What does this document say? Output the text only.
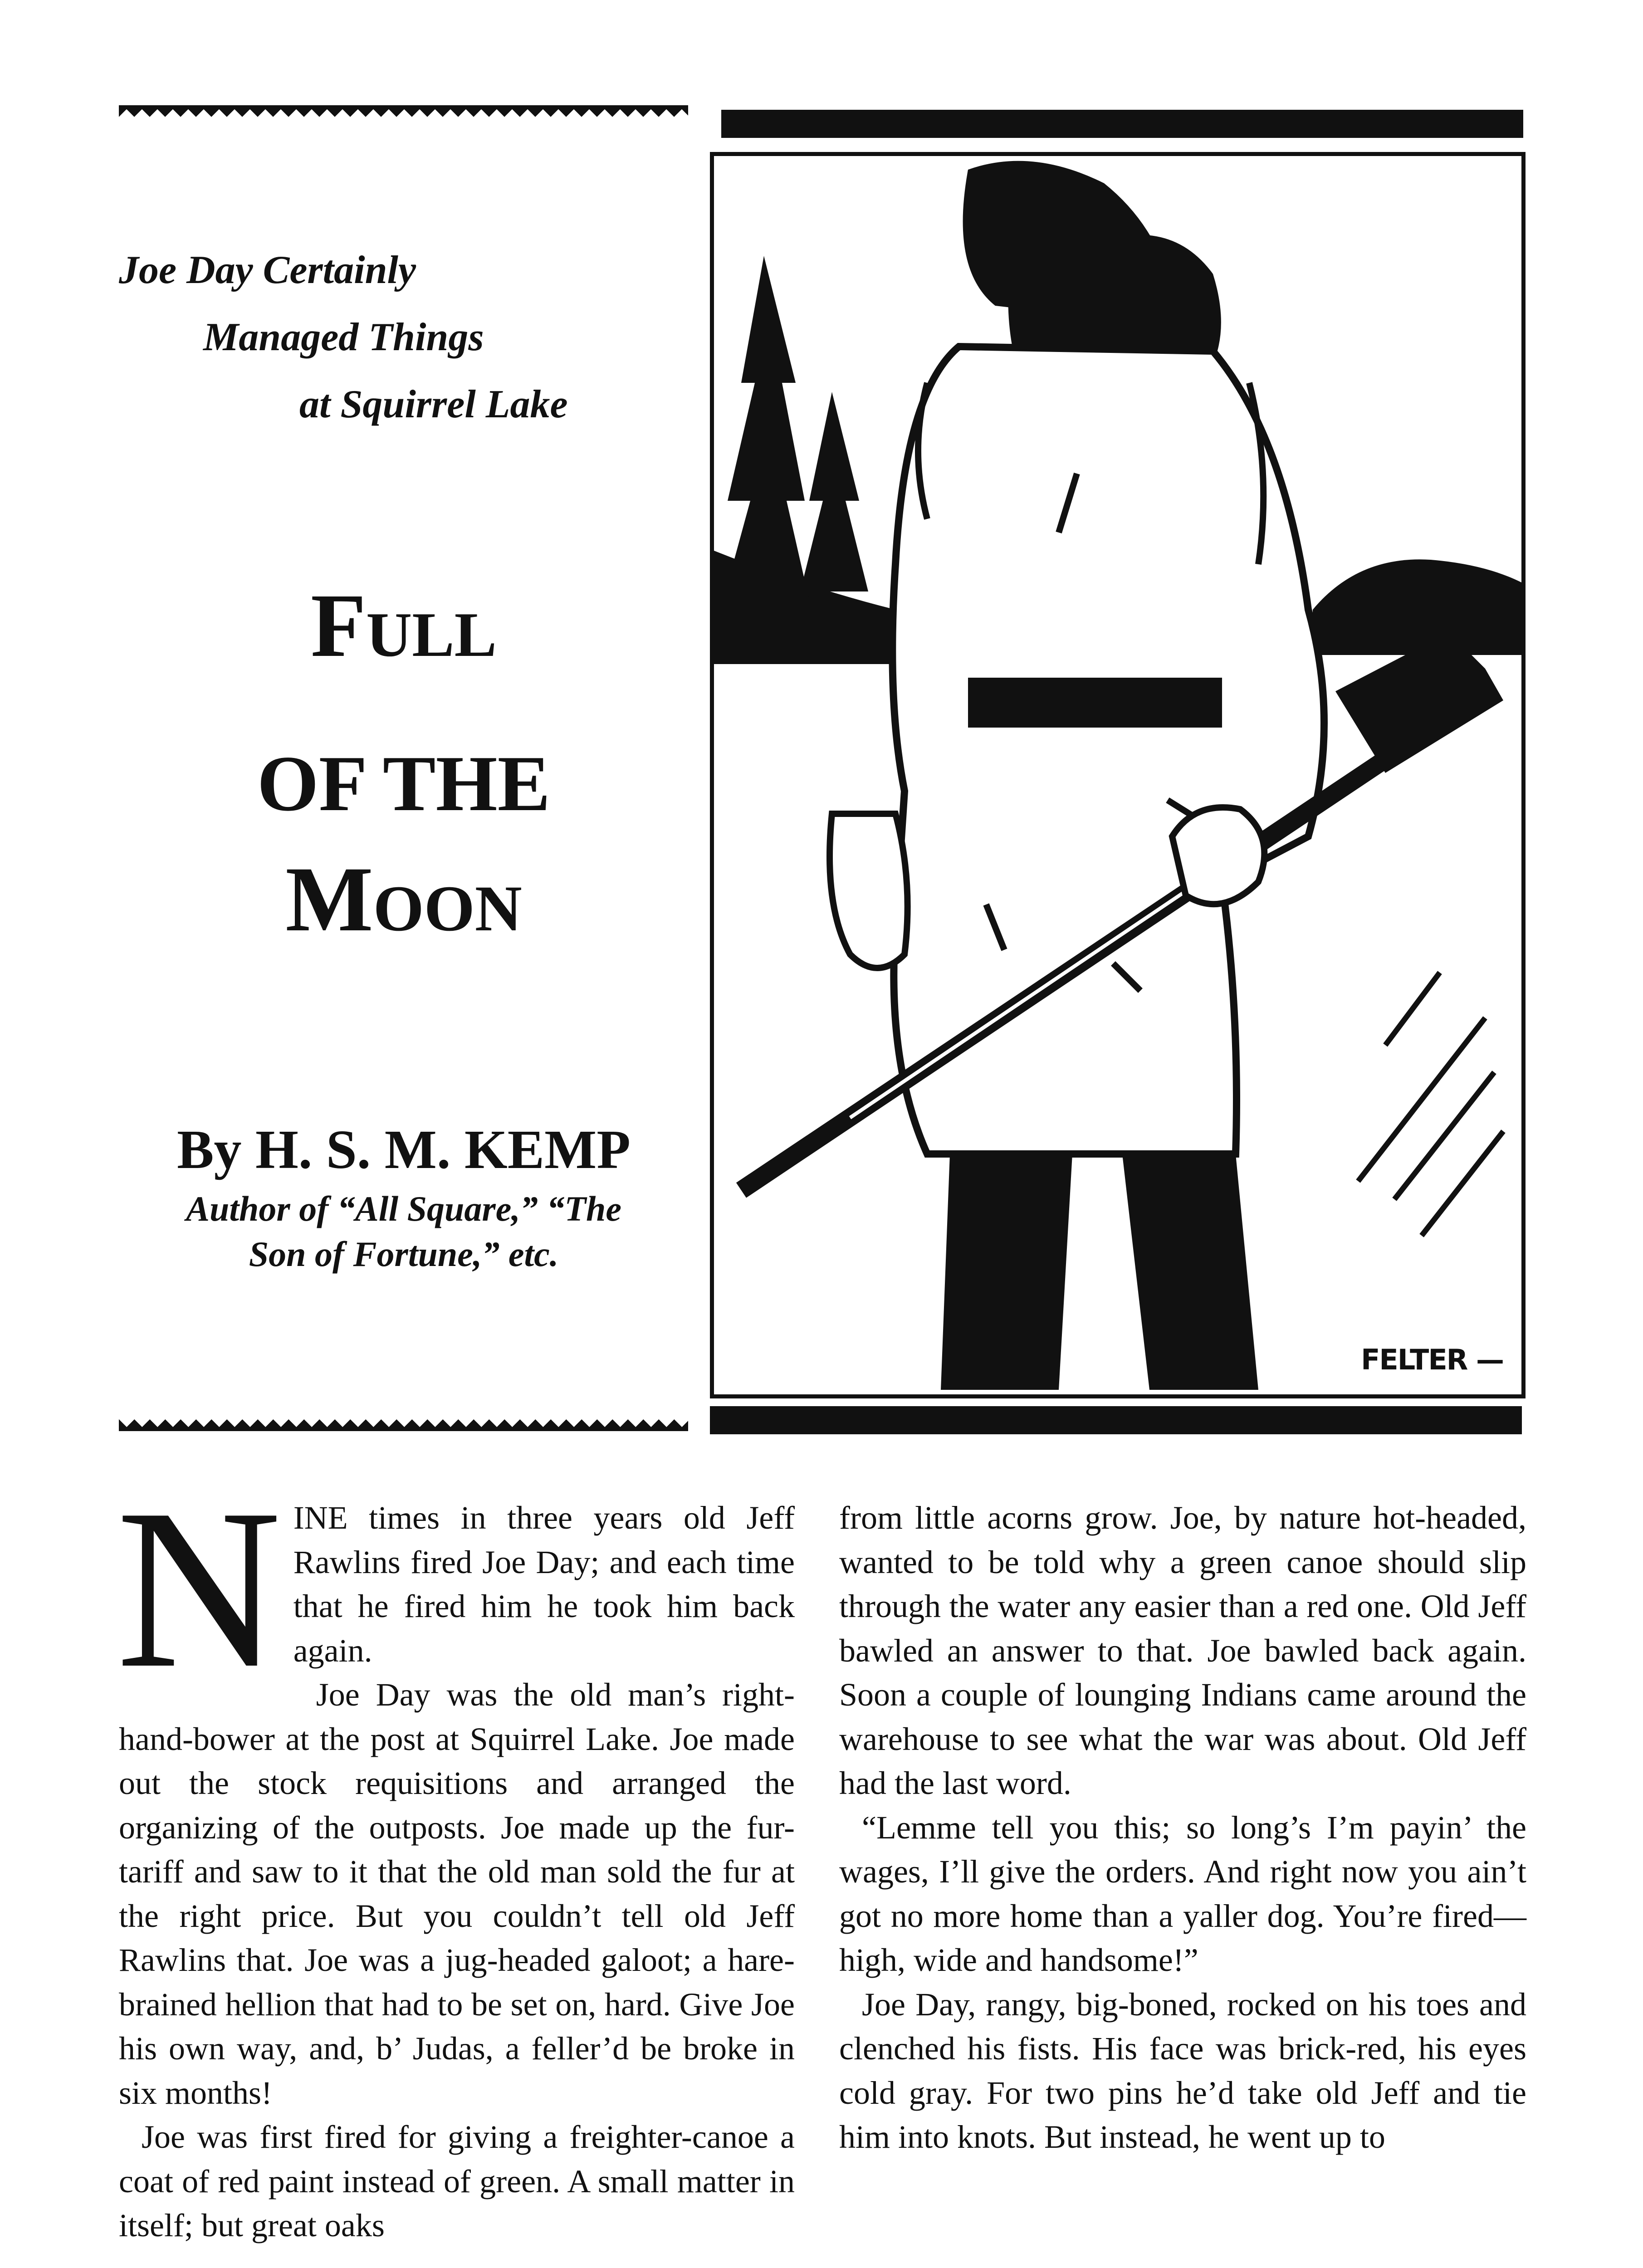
Joe Day Certainly
Managed Things
at Squirrel Lake
Full
OF THE
Moon
By H. S. M. KEMP
Author of “All Square,” “The
Son of Fortune,” etc.
FELTER —

NINE times in three years old Jeff Rawlins fired Joe Day; and each time that he fired him he took him back again.

Joe Day was the old man’s right-hand-bower at the post at Squirrel Lake. Joe made out the stock requisitions and arranged the organizing of the outposts. Joe made up the fur-tariff and saw to it that the old man sold the fur at the right price. But you couldn’t tell old Jeff Rawlins that. Joe was a jug-headed galoot; a hare-brained hellion that had to be set on, hard. Give Joe his own way, and, b’ Judas, a feller’d be broke in six months!

Joe was first fired for giving a freighter-canoe a coat of red paint instead of green. A small matter in itself; but great oaks

from little acorns grow. Joe, by nature hot-headed, wanted to be told why a green canoe should slip through the water any easier than a red one. Old Jeff bawled an answer to that. Joe bawled back again. Soon a couple of lounging Indians came around the warehouse to see what the war was about. Old Jeff had the last word.

“Lemme tell you this; so long’s I’m payin’ the wages, I’ll give the orders. And right now you ain’t got no more home than a yaller dog. You’re fired—high, wide and handsome!”

Joe Day, rangy, big-boned, rocked on his toes and clenched his fists. His face was brick-red, his eyes cold gray. For two pins he’d take old Jeff and tie him into knots. But instead, he went up to
